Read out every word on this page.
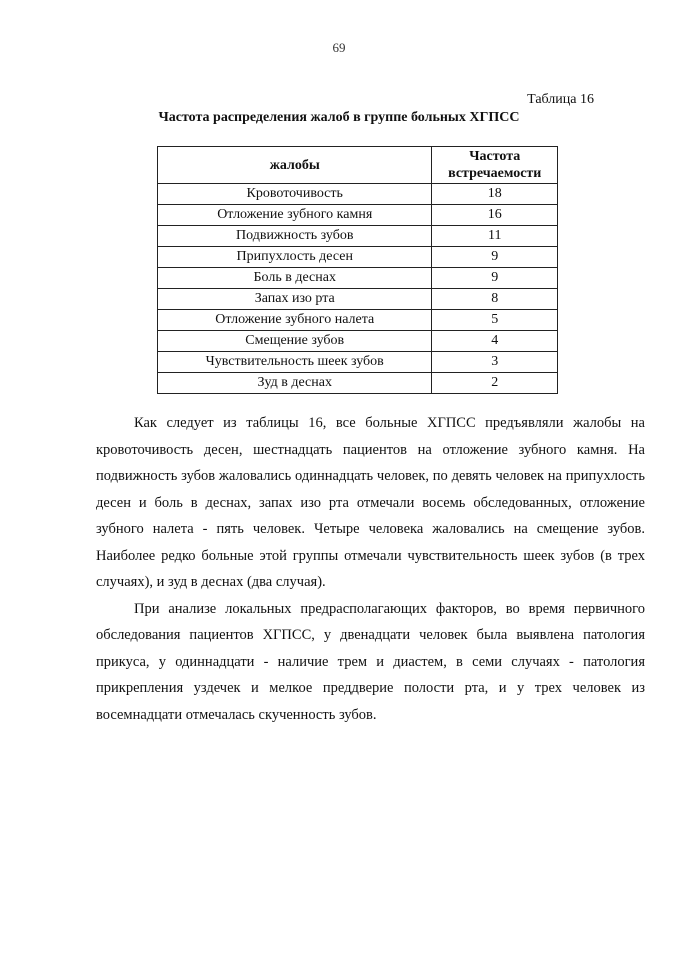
69
Таблица 16
Частота распределения жалоб в группе больных ХГПСС
жалобы	Частота встречаемости
Кровоточивость	18
Отложение зубного камня	16
Подвижность зубов	11
Припухлость десен	9
Боль в деснах	9
Запах изо рта	8
Отложение зубного налета	5
Смещение зубов	4
Чувствительность шеек зубов	3
Зуд в деснах	2

Как следует из таблицы 16, все больные ХГПСС предъявляли жалобы на кровоточивость десен, шестнадцать пациентов на отложение зубного камня. На подвижность зубов жаловались одиннадцать человек, по девять человек на припухлость десен и боль в деснах, запах изо рта отмечали восемь обследованных, отложение зубного налета - пять человек. Четыре человека жаловались на смещение зубов. Наиболее редко больные этой группы отмечали чувствительность шеек зубов (в трех случаях), и зуд в деснах (два случая).

При анализе локальных предрасполагающих факторов, во время первичного обследования пациентов ХГПСС, у двенадцати человек была выявлена патология прикуса, у одиннадцати - наличие трем и диастем, в семи случаях - патология прикрепления уздечек и мелкое преддверие полости рта, и у трех человек из восемнадцати отмечалась скученность зубов.
